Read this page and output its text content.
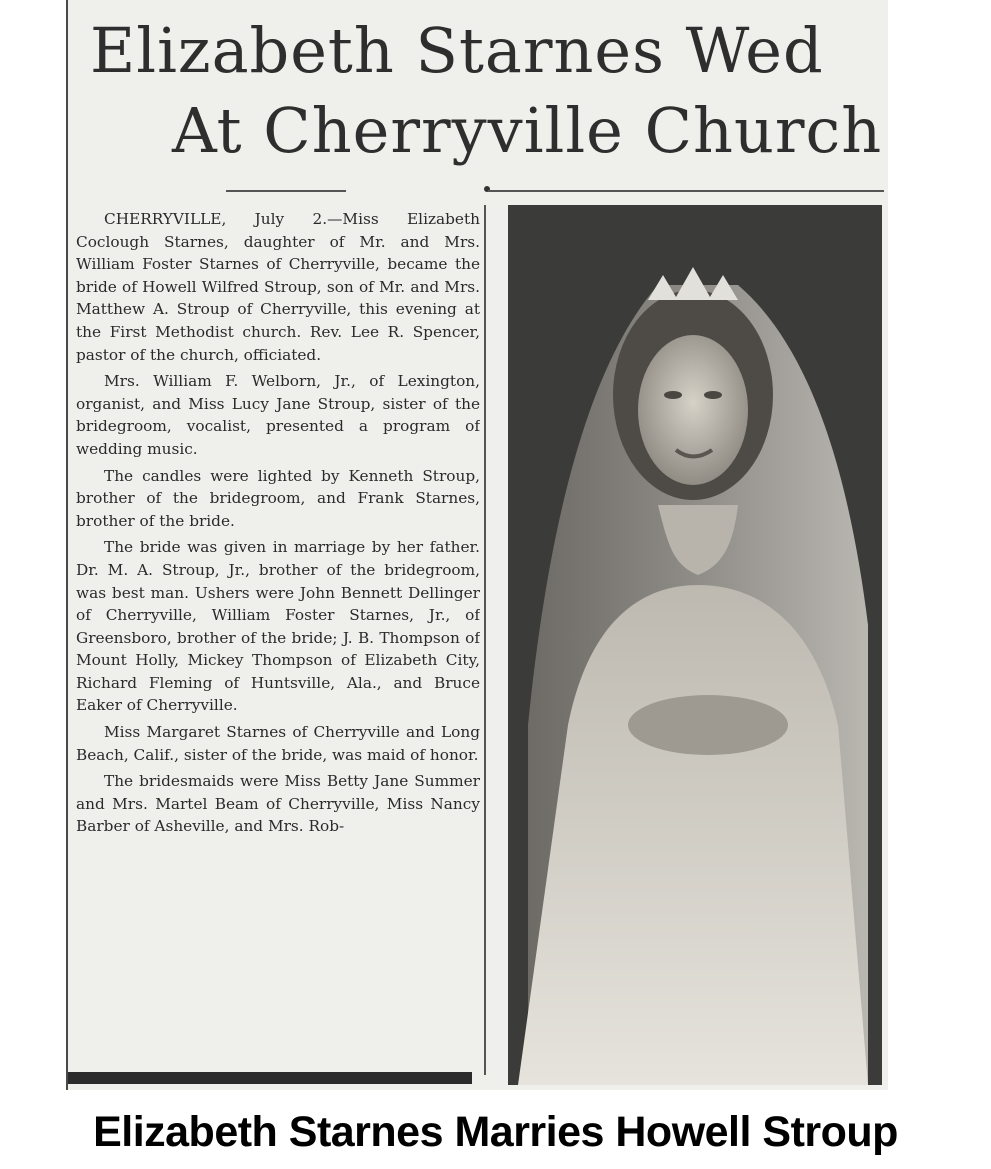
Elizabeth Starnes Wed
At Cherryville Church

CHERRYVILLE, July 2.—Miss Elizabeth Coclough Starnes, daughter of Mr. and Mrs. William Foster Starnes of Cherryville, became the bride of Howell Wilfred Stroup, son of Mr. and Mrs. Matthew A. Stroup of Cherryville, this evening at the First Methodist church. Rev. Lee R. Spencer, pastor of the church, officiated.

Mrs. William F. Welborn, Jr., of Lexington, organist, and Miss Lucy Jane Stroup, sister of the bridegroom, vocalist, presented a program of wedding music.

The candles were lighted by Kenneth Stroup, brother of the bridegroom, and Frank Starnes, brother of the bride.

The bride was given in marriage by her father. Dr. M. A. Stroup, Jr., brother of the bridegroom, was best man. Ushers were John Bennett Dellinger of Cherryville, William Foster Starnes, Jr., of Greensboro, brother of the bride; J. B. Thompson of Mount Holly, Mickey Thompson of Elizabeth City, Richard Fleming of Huntsville, Ala., and Bruce Eaker of Cherryville.

Miss Margaret Starnes of Cherryville and Long Beach, Calif., sister of the bride, was maid of honor.

The bridesmaids were Miss Betty Jane Summer and Mrs. Martel Beam of Cherryville, Miss Nancy Barber of Asheville, and Mrs. Rob-

Elizabeth Starnes Marries Howell Stroup
